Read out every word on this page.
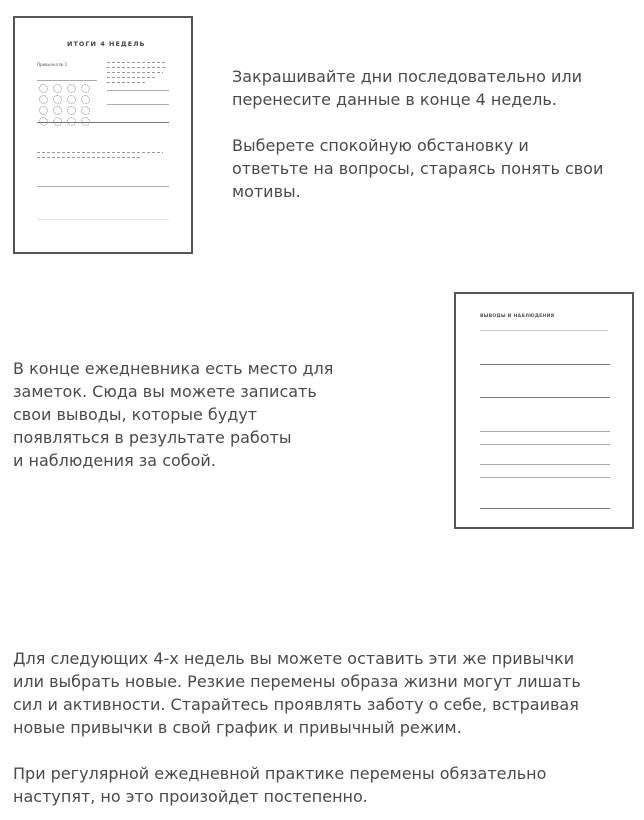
ИТОГИ 4 НЕДЕЛЬ
Привычка № 1
Закрашивайте дни последовательно или
перенесите данные в конце 4 недель.
Выберете спокойную обстановку и
ответьте на вопросы, стараясь понять свои
мотивы.
В конце ежедневника есть место для
заметок. Сюда вы можете записать
свои выводы, которые будут
появляться в результате работы
и наблюдения за собой.
ВЫВОДЫ И НАБЛЮДЕНИЯ
Для следующих 4-х недель вы можете оставить эти же привычки
или выбрать новые. Резкие перемены образа жизни могут лишать
сил и активности. Старайтесь проявлять заботу о себе, встраивая
новые привычки в свой график и привычный режим.
При регулярной ежедневной практике перемены обязательно
наступят, но это произойдет постепенно.
